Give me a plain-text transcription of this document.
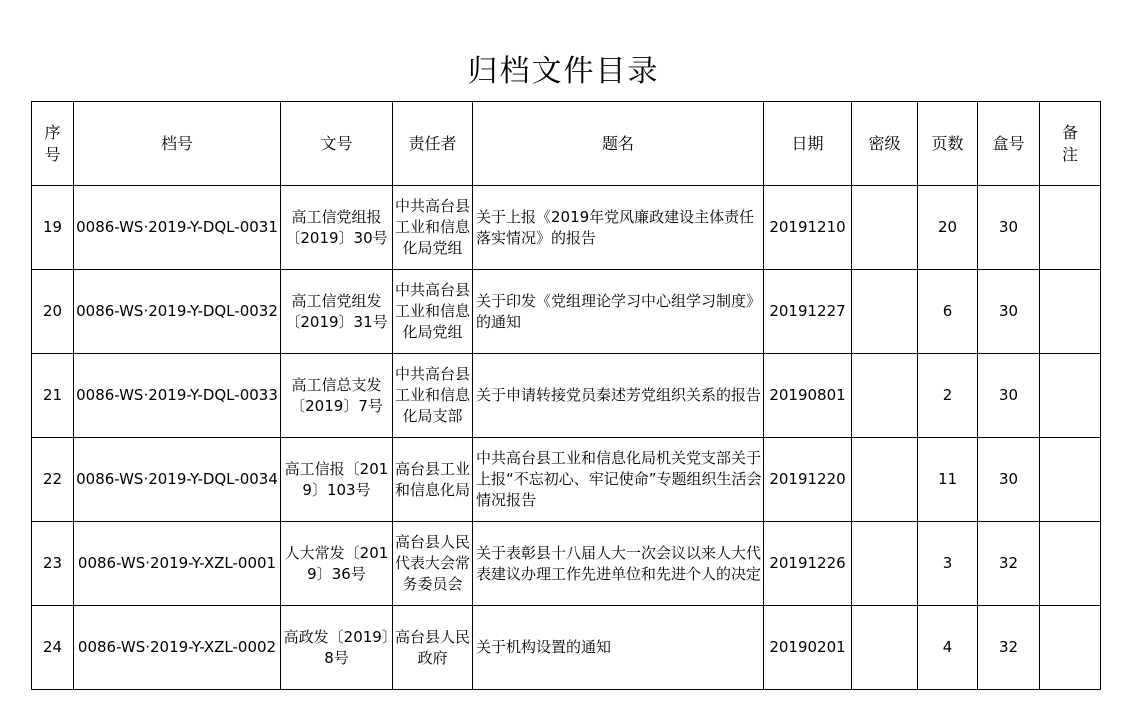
归档文件目录
序号	档号	文号	责任者	题名	日期	密级	页数	盒号	备注
19	0086-WS·2019-Y-DQL-0031	高工信党组报〔2019〕30号	中共高台县工业和信息化局党组	关于上报《2019年党风廉政建设主体责任落实情况》的报告	20191210		20	30	
20	0086-WS·2019-Y-DQL-0032	高工信党组发〔2019〕31号	中共高台县工业和信息化局党组	关于印发《党组理论学习中心组学习制度》的通知	20191227		6	30	
21	0086-WS·2019-Y-DQL-0033	高工信总支发〔2019〕7号	中共高台县工业和信息化局支部	关于申请转接党员秦述芳党组织关系的报告	20190801		2	30	
22	0086-WS·2019-Y-DQL-0034	高工信报〔2019〕103号	高台县工业和信息化局	中共高台县工业和信息化局机关党支部关于上报“不忘初心、牢记使命”专题组织生活会情况报告	20191220		11	30	
23	0086-WS·2019-Y-XZL-0001	人大常发〔2019〕36号	高台县人民代表大会常务委员会	关于表彰县十八届人大一次会议以来人大代表建议办理工作先进单位和先进个人的决定	20191226		3	32	
24	0086-WS·2019-Y-XZL-0002	高政发〔2019〕8号	高台县人民政府	关于机构设置的通知	20190201		4	32	
